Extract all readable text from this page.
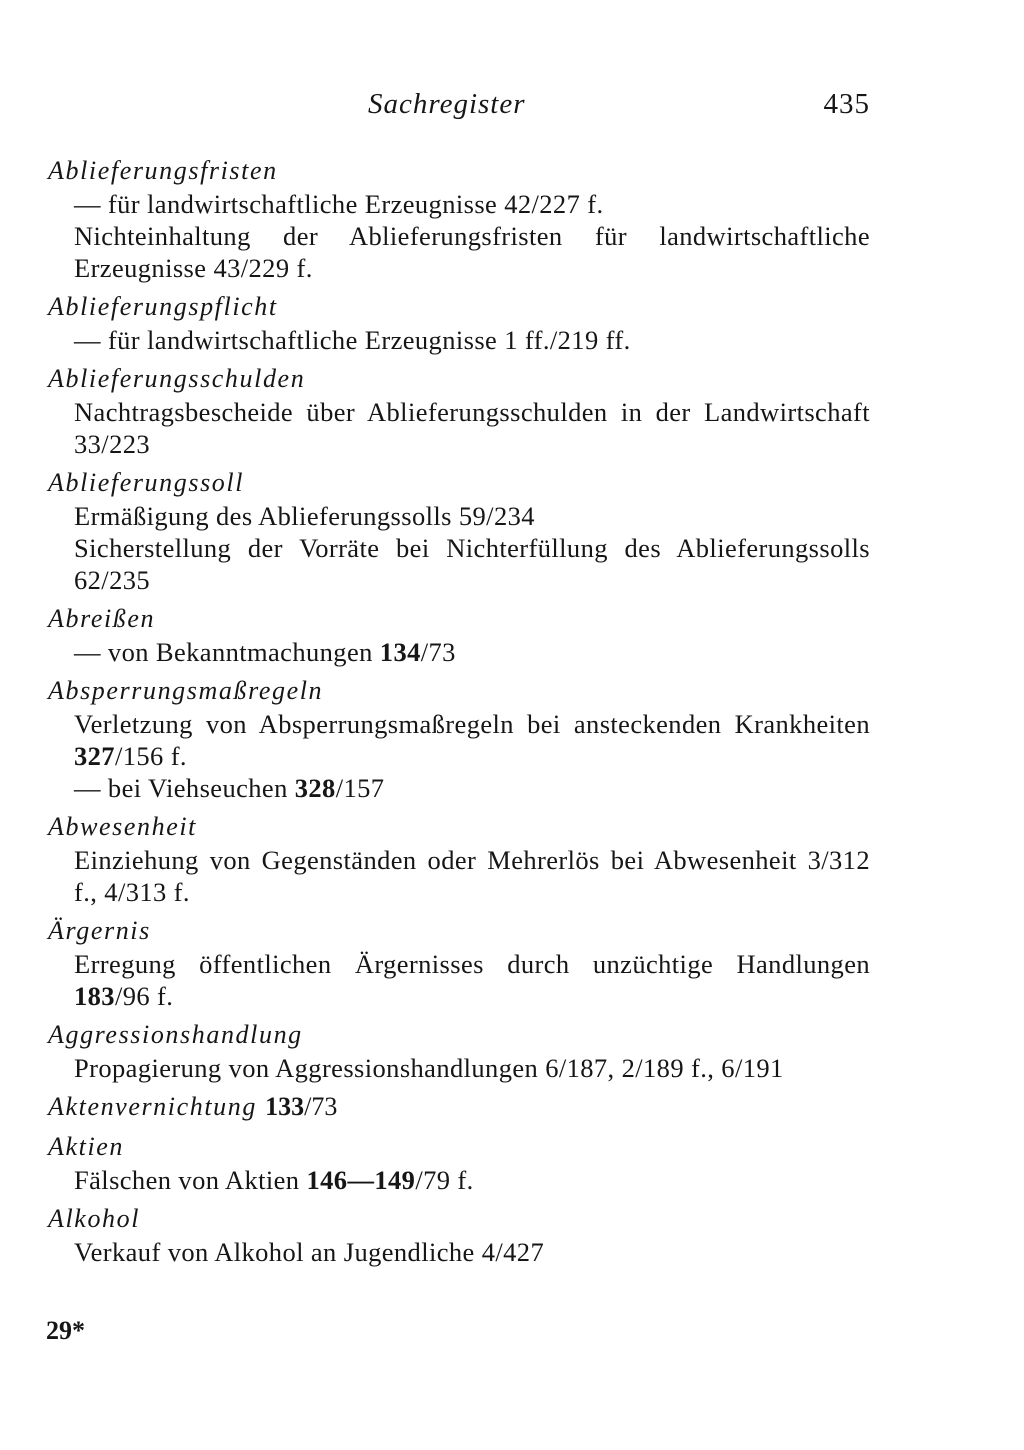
Sachregister	435
Ablieferungsfristen
— für landwirtschaftliche Erzeugnisse 42/227 f.
Nichteinhaltung der Ablieferungsfristen für landwirtschaftliche Erzeugnisse 43/229 f.
Ablieferungspflicht
— für landwirtschaftliche Erzeugnisse 1 ff./219 ff.
Ablieferungsschulden
Nachtragsbescheide über Ablieferungsschulden in der Landwirtschaft 33/223
Ablieferungssoll
Ermäßigung des Ablieferungssolls 59/234
Sicherstellung der Vorräte bei Nichterfüllung des Ablieferungssolls 62/235
Abreißen
— von Bekanntmachungen 134/73
Absperrungsmaßregeln
Verletzung von Absperrungsmaßregeln bei ansteckenden Krankheiten 327/156 f.
— bei Viehseuchen 328/157
Abwesenheit
Einziehung von Gegenständen oder Mehrerlös bei Abwesenheit 3/312 f., 4/313 f.
Ärgernis
Erregung öffentlichen Ärgernisses durch unzüchtige Handlungen 183/96 f.
Aggressionshandlung
Propagierung von Aggressionshandlungen 6/187, 2/189 f., 6/191
Aktenvernichtung 133/73
Aktien
Fälschen von Aktien 146—149/79 f.
Alkohol
Verkauf von Alkohol an Jugendliche 4/427
29*
